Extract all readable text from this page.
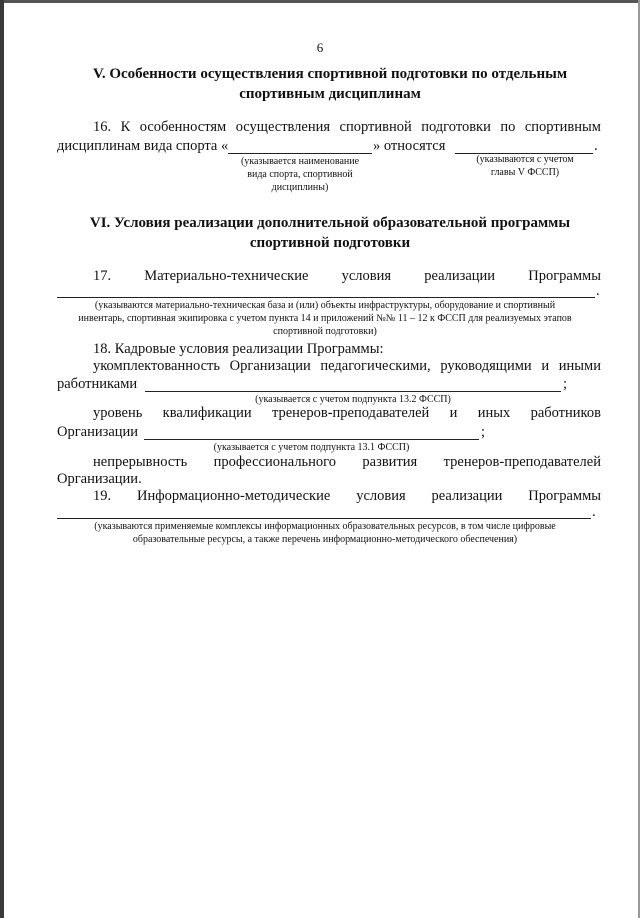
6
V. Особенности осуществления спортивной подготовки по отдельным
спортивным дисциплинам
16. К особенностям осуществления спортивной подготовки по спортивным
дисциплинам вида спорта «	» относятся	.
(указывается наименование
вида спорта, спортивной
дисциплины)
(указываются с учетом
главы V ФССП)
VI. Условия реализации дополнительной образовательной программы
спортивной подготовки
17. Материально-технические условия реализации Программы
.
(указываются материально-техническая база и (или) объекты инфраструктуры, оборудование и спортивный
инвентарь, спортивная экипировка с учетом пункта 14 и приложений №№ 11 – 12 к ФССП для реализуемых этапов
спортивной подготовки)
18. Кадровые условия реализации Программы:
укомплектованность Организации педагогическими, руководящими и иными
работниками	;
(указывается с учетом подпункта 13.2 ФССП)
уровень квалификации тренеров-преподавателей и иных работников
Организации	;
(указывается с учетом подпункта 13.1 ФССП)
непрерывность профессионального развития тренеров-преподавателей
Организации.
19. Информационно-методические условия реализации Программы
.
(указываются применяемые комплексы информационных образовательных ресурсов, в том числе цифровые
образовательные ресурсы, а также перечень информационно-методического обеспечения)
